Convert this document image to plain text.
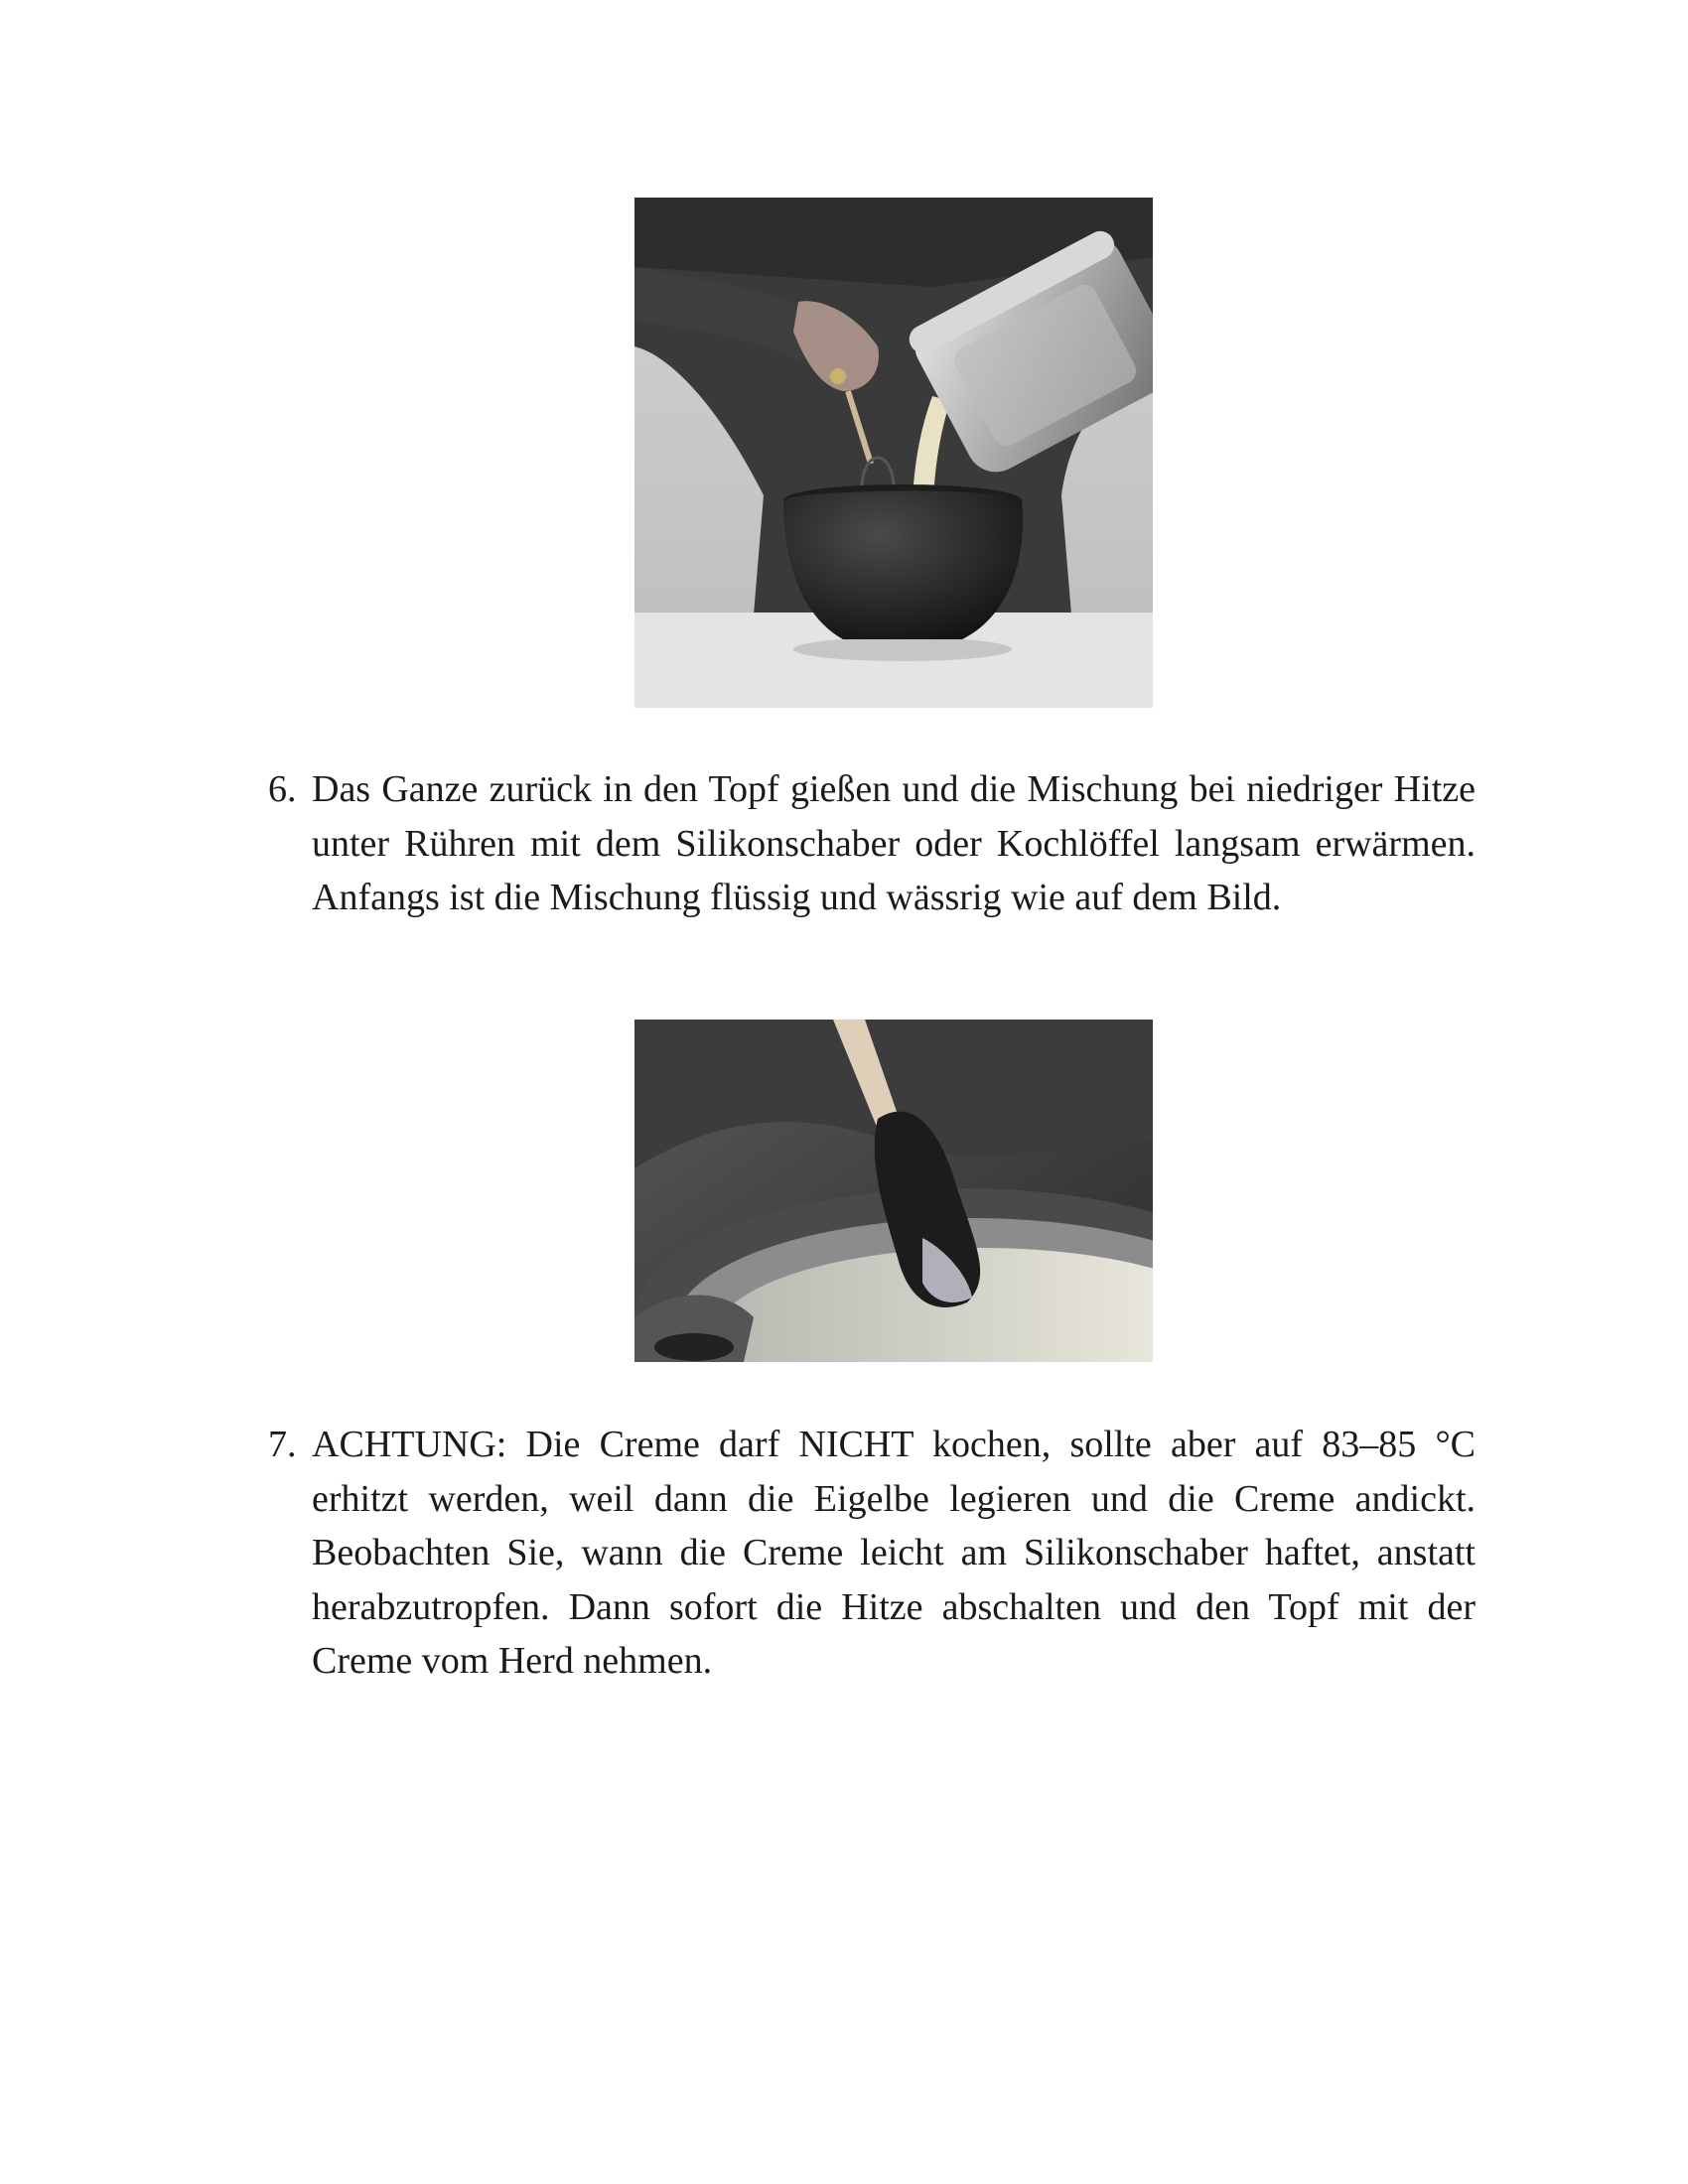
6. Das Ganze zurück in den Topf gießen und die Mischung bei niedriger Hitze unter Rühren mit dem Silikonschaber oder Kochlöffel langsam erwärmen. Anfangs ist die Mischung flüssig und wässrig wie auf dem Bild.
7. ACHTUNG: Die Creme darf NICHT kochen, sollte aber auf 83–85 °C erhitzt werden, weil dann die Eigelbe legieren und die Creme andickt. Beobachten Sie, wann die Creme leicht am Silikonschaber haftet, anstatt herabzutropfen. Dann sofort die Hitze abschalten und den Topf mit der Creme vom Herd nehmen.
